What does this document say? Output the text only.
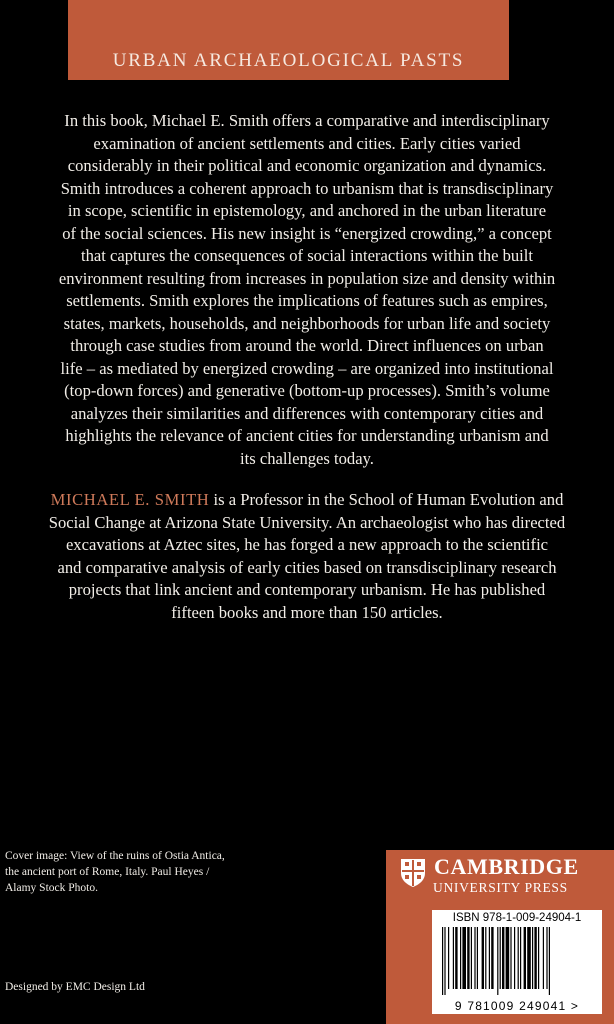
URBAN ARCHAEOLOGICAL PASTS

In this book, Michael E. Smith offers a comparative and interdisciplinary
examination of ancient settlements and cities. Early cities varied
considerably in their political and economic organization and dynamics.
Smith introduces a coherent approach to urbanism that is transdisciplinary
in scope, scientific in epistemology, and anchored in the urban literature
of the social sciences. His new insight is “energized crowding,” a concept
that captures the consequences of social interactions within the built
environment resulting from increases in population size and density within
settlements. Smith explores the implications of features such as empires,
states, markets, households, and neighborhoods for urban life and society
through case studies from around the world. Direct influences on urban
life – as mediated by energized crowding – are organized into institutional
(top-down forces) and generative (bottom-up processes). Smith’s volume
analyzes their similarities and differences with contemporary cities and
highlights the relevance of ancient cities for understanding urbanism and
its challenges today.

MICHAEL E. SMITH is a Professor in the School of Human Evolution and
Social Change at Arizona State University. An archaeologist who has directed
excavations at Aztec sites, he has forged a new approach to the scientific
and comparative analysis of early cities based on transdisciplinary research
projects that link ancient and contemporary urbanism. He has published
fifteen books and more than 150 articles.

Cover image: View of the ruins of Ostia Antica,
the ancient port of Rome, Italy. Paul Heyes /
Alamy Stock Photo.

Designed by EMC Design Ltd

CAMBRIDGE
UNIVERSITY PRESS
ISBN 978-1-009-24904-1
9 781009 249041 >
